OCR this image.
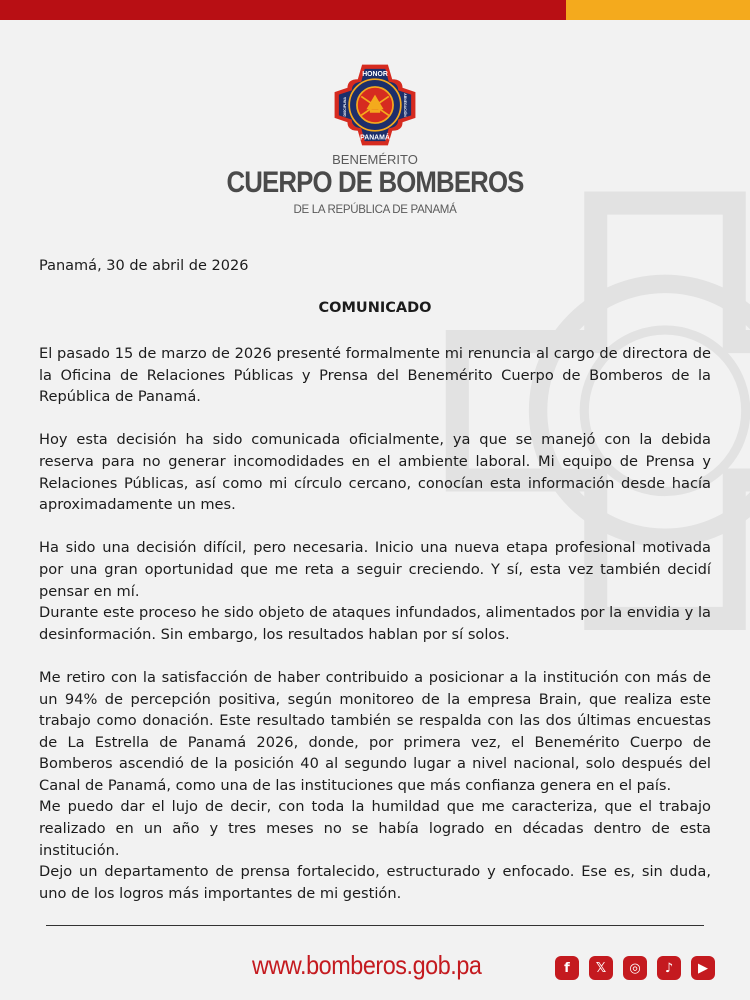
HONOR
PANAMÁ
DISCIPLINA	ABNEGACIÓN
BENEMÉRITO
CUERPO DE BOMBEROS
DE LA REPÚBLICA DE PANAMÁ
Panamá, 30 de abril de 2026
COMUNICADO

El pasado 15 de marzo de 2026 presenté formalmente mi renuncia al cargo de directora de la Oficina de Relaciones Públicas y Prensa del Benemérito Cuerpo de Bomberos de la República de Panamá.

Hoy esta decisión ha sido comunicada oficialmente, ya que se manejó con la debida reserva para no generar incomodidades en el ambiente laboral. Mi equipo de Prensa y Relaciones Públicas, así como mi círculo cercano, conocían esta información desde hacía aproximadamente un mes.

Ha sido una decisión difícil, pero necesaria. Inicio una nueva etapa profesional motivada por una gran oportunidad que me reta a seguir creciendo. Y sí, esta vez también decidí pensar en mí.

Durante este proceso he sido objeto de ataques infundados, alimentados por la envidia y la desinformación. Sin embargo, los resultados hablan por sí solos.

Me retiro con la satisfacción de haber contribuido a posicionar a la institución con más de un 94% de percepción positiva, según monitoreo de la empresa Brain, que realiza este trabajo como donación. Este resultado también se respalda con las dos últimas encuestas de La Estrella de Panamá 2026, donde, por primera vez, el Benemérito Cuerpo de Bomberos ascendió de la posición 40 al segundo lugar a nivel nacional, solo después del Canal de Panamá, como una de las instituciones que más confianza genera en el país.

Me puedo dar el lujo de decir, con toda la humildad que me caracteriza, que el trabajo realizado en un año y tres meses no se había logrado en décadas dentro de esta institución.

Dejo un departamento de prensa fortalecido, estructurado y enfocado. Ese es, sin duda, uno de los logros más importantes de mi gestión.

www.bomberos.gob.pa	f	𝕏	◎	♪	▶
